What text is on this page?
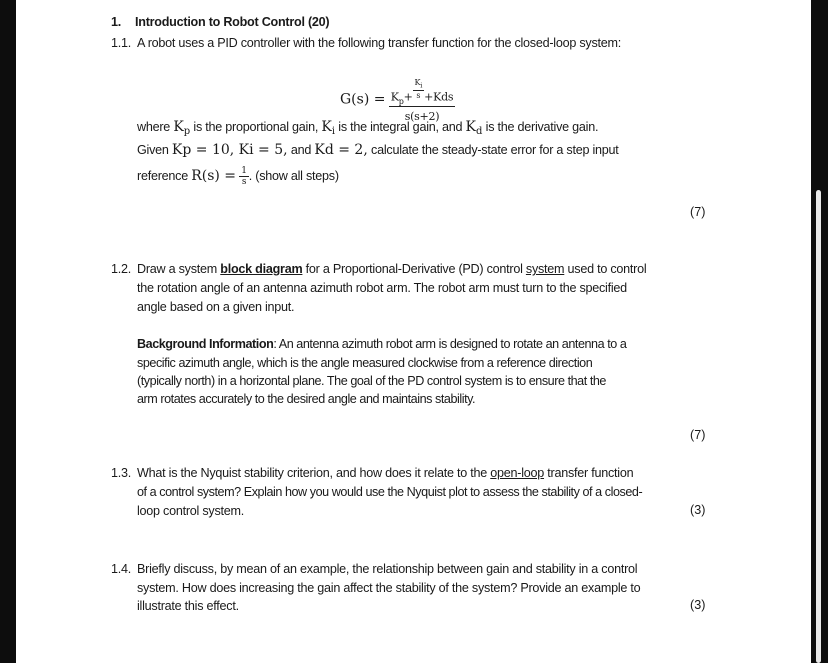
1. Introduction to Robot Control (20)
1.1. A robot uses a PID controller with the following transfer function for the closed-loop system:
$G(s) = \frac{K_p+ \frac{K_i}{s} +Kds}{s(s+2)}$
where $K_p$ is the proportional gain, $K_i$ is the integral gain, and $K_d$ is the derivative gain.
Given Kp = 10, Ki = 5, and Kd = 2, calculate the steady-state error for a step input
reference $R(s) = \frac{1}{s}$ . (show all steps)
(7)
1.2. Draw a system block diagram for a Proportional-Derivative (PD) control system used to control
the rotation angle of an antenna azimuth robot arm. The robot arm must turn to the specified
angle based on a given input.
Background Information: An antenna azimuth robot arm is designed to rotate an antenna to a
specific azimuth angle, which is the angle measured clockwise from a reference direction
(typically north) in a horizontal plane. The goal of the PD control system is to ensure that the
arm rotates accurately to the desired angle and maintains stability.
(7)
1.3. What is the Nyquist stability criterion, and how does it relate to the open-loop transfer function
of a control system? Explain how you would use the Nyquist plot to assess the stability of a closed-
loop control system.	(3)
1.4. Briefly discuss, by mean of an example, the relationship between gain and stability in a control
system. How does increasing the gain affect the stability of the system? Provide an example to
illustrate this effect.	(3)
